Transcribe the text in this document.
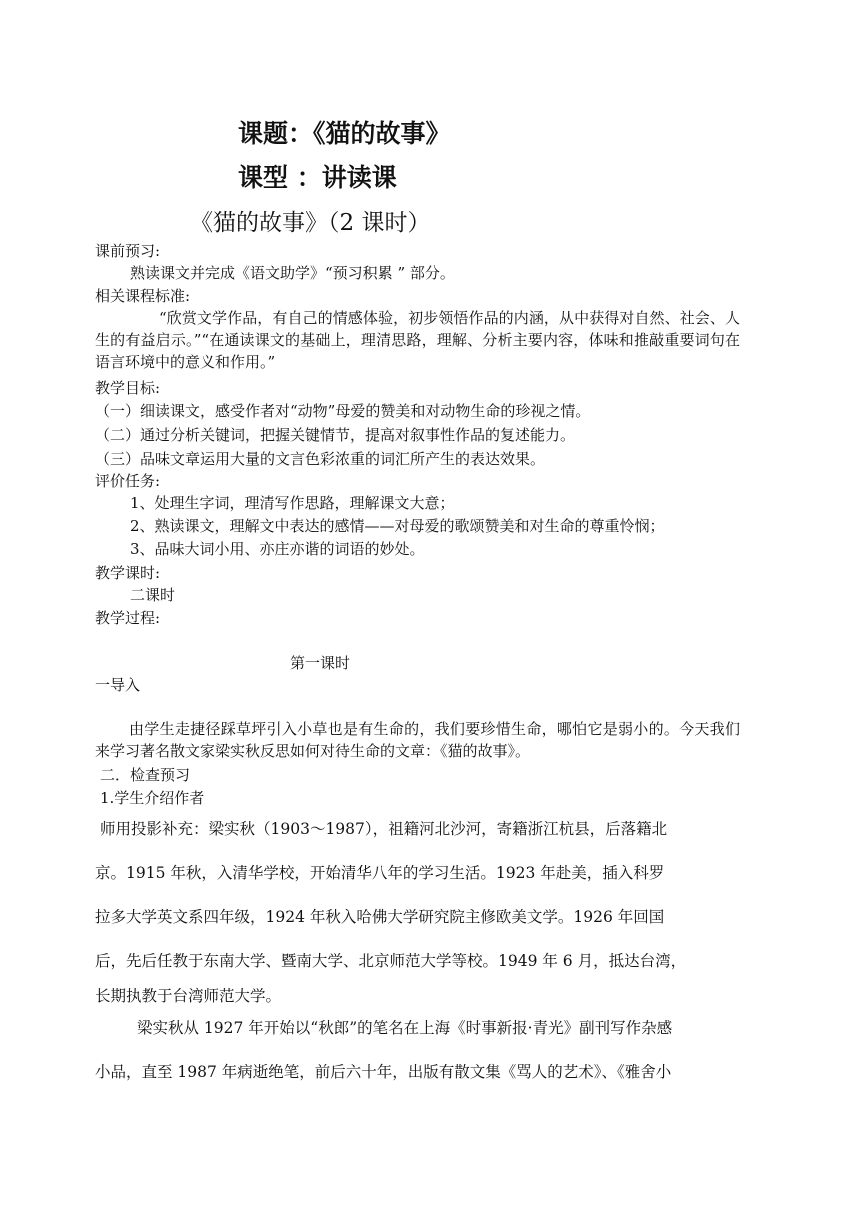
课题：《猫的故事》
课型 ：讲读课
《猫的故事》（2 课时）
课前预习:
熟读课文并完成《语文助学》“预习积累 ” 部分。
相关课程标准:
“欣赏文学作品，有自己的情感体验，初步领悟作品的内涵，从中获得对自然、社会、人生的有益启示。”“在通读课文的基础上，理清思路，理解、分析主要内容，体味和推敲重要词句在语言环境中的意义和作用。”
教学目标:
（一）细读课文，感受作者对“动物”母爱的赞美和对动物生命的珍视之情。
（二）通过分析关键词，把握关键情节，提高对叙事性作品的复述能力。
（三）品味文章运用大量的文言色彩浓重的词汇所产生的表达效果。
评价任务:
1、处理生字词，理清写作思路，理解课文大意；
2、熟读课文，理解文中表达的感情——对母爱的歌颂赞美和对生命的尊重怜悯；
3、品味大词小用、亦庄亦谐的词语的妙处。
教学课时:
二课时
教学过程:
第一课时
一导入
由学生走捷径踩草坪引入小草也是有生命的，我们要珍惜生命，哪怕它是弱小的。今天我们来学习著名散文家梁实秋反思如何对待生命的文章：《猫的故事》。
二．检查预习
1.学生介绍作者
师用投影补充：梁实秋（1903～1987），祖籍河北沙河，寄籍浙江杭县，后落籍北
京。1915 年秋，入清华学校，开始清华八年的学习生活。1923 年赴美，插入科罗
拉多大学英文系四年级，1924 年秋入哈佛大学研究院主修欧美文学。1926 年回国
后，先后任教于东南大学、暨南大学、北京师范大学等校。1949 年 6 月，抵达台湾，
长期执教于台湾师范大学。
梁实秋从 1927 年开始以“秋郎”的笔名在上海《时事新报·青光》副刊写作杂感
小品，直至 1987 年病逝绝笔，前后六十年，出版有散文集《骂人的艺术》、《雅舍小
